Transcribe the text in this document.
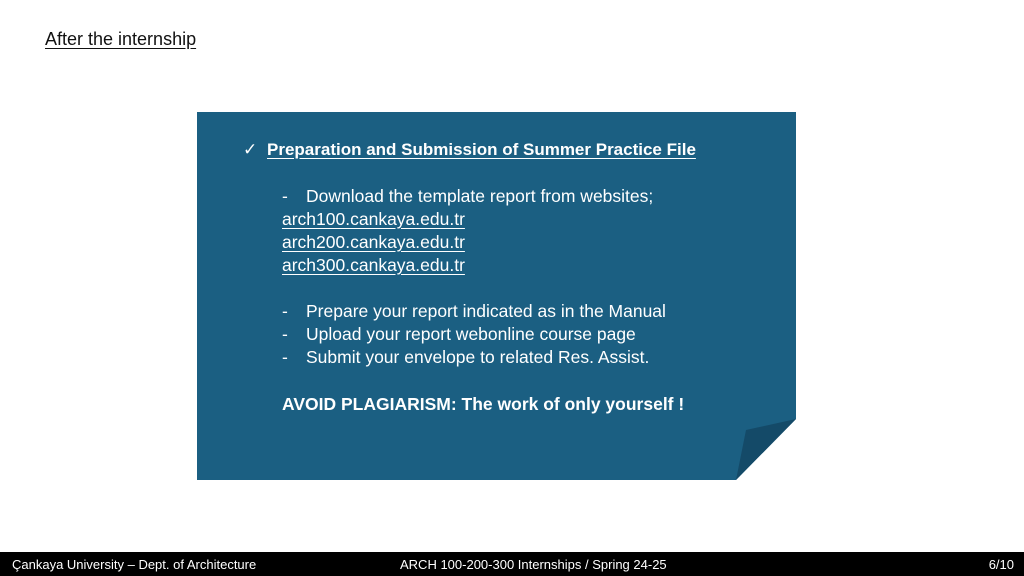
After the internship
✓ Preparation and Submission of Summer Practice File
- Download the template report from websites;
arch100.cankaya.edu.tr
arch200.cankaya.edu.tr
arch300.cankaya.edu.tr
- Prepare your report indicated as in the Manual
- Upload your report webonline course page
- Submit your envelope to related Res. Assist.
AVOID PLAGIARISM: The work of only yourself !
Çankaya University – Dept. of Architecture	ARCH 100-200-300 Internships / Spring 24-25	6/10
